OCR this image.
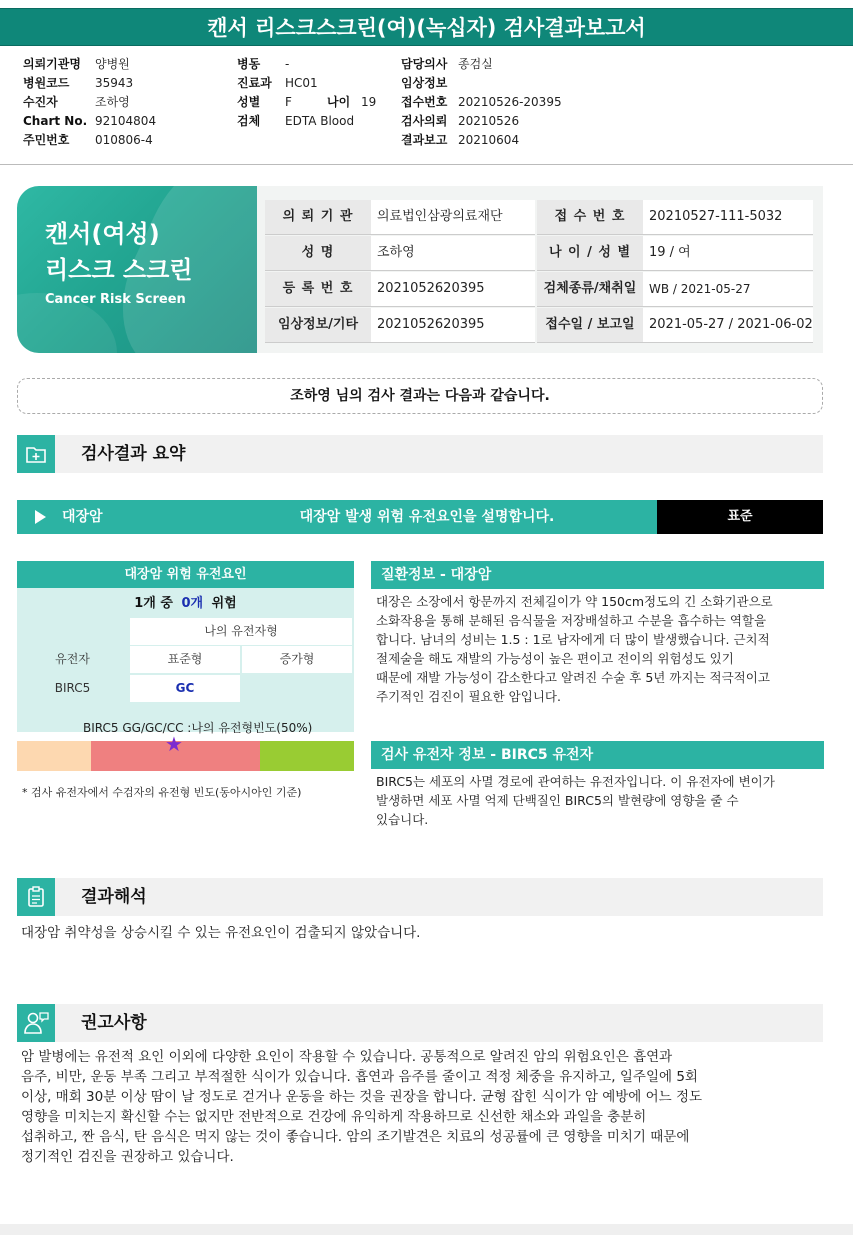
캔서 리스크스크린(여)(녹십자) 검사결과보고서
의뢰기관명 양병원
병원코드 35943
수진자	조하영
Chart No. 92104804
주민번호 010806-4
병동 -
진료과 HC01
성별 F	나이 19
검체 EDTA Blood
담당의사 종검실
임상정보
접수번호 20210526-20395
검사의뢰 20210526
결과보고 20210604
캔서(여성)
리스크 스크린
Cancer Risk Screen
의 뢰 기 관	의료법인삼광의료재단	접 수 번 호	20210527-111-5032
성 명	조하영	나 이 / 성 별	19 / 여
등 록 번 호	2021052620395	검체종류/채취일	WB / 2021-05-27
임상정보/기타	2021052620395	접수일 / 보고일	2021-05-27 / 2021-06-02
조하영 님의 검사 결과는 다음과 같습니다.
검사결과 요약
대장암	대장암 발생 위험 유전요인을 설명합니다.	표준
대장암 위험 유전요인
1개 중 0개 위험
나의 유전자형
유전자	표준형	증가형
BIRC5	GC
BIRC5 GG/GC/CC :나의 유전형빈도(50%)
★
* 검사 유전자에서 수검자의 유전형 빈도(동아시아인 기준)
질환정보 - 대장암
대장은 소장에서 항문까지 전체길이가 약 150cm정도의 긴 소화기관으로
소화작용을 통해 분해된 음식물을 저장배설하고 수분을 흡수하는 역할을
합니다. 남녀의 성비는 1.5 : 1로 남자에게 더 많이 발생했습니다. 근치적
절제술을 해도 재발의 가능성이 높은 편이고 전이의 위험성도 있기
때문에 재발 가능성이 감소한다고 알려진 수술 후 5년 까지는 적극적이고
주기적인 검진이 필요한 암입니다.
검사 유전자 정보 - BIRC5 유전자
BIRC5는 세포의 사멸 경로에 관여하는 유전자입니다. 이 유전자에 변이가
발생하면 세포 사멸 억제 단백질인 BIRC5의 발현량에 영향을 줄 수
있습니다.
결과해석
대장암 취약성을 상승시킬 수 있는 유전요인이 검출되지 않았습니다.
권고사항
암 발병에는 유전적 요인 이외에 다양한 요인이 작용할 수 있습니다. 공통적으로 알려진 암의 위험요인은 흡연과
음주, 비만, 운동 부족 그리고 부적절한 식이가 있습니다. 흡연과 음주를 줄이고 적정 체중을 유지하고, 일주일에 5회
이상, 매회 30분 이상 땀이 날 정도로 걷거나 운동을 하는 것을 권장을 합니다. 균형 잡힌 식이가 암 예방에 어느 정도
영향을 미치는지 확신할 수는 없지만 전반적으로 건강에 유익하게 작용하므로 신선한 채소와 과일을 충분히
섭취하고, 짠 음식, 탄 음식은 먹지 않는 것이 좋습니다. 암의 조기발견은 치료의 성공률에 큰 영향을 미치기 때문에
정기적인 검진을 권장하고 있습니다.
